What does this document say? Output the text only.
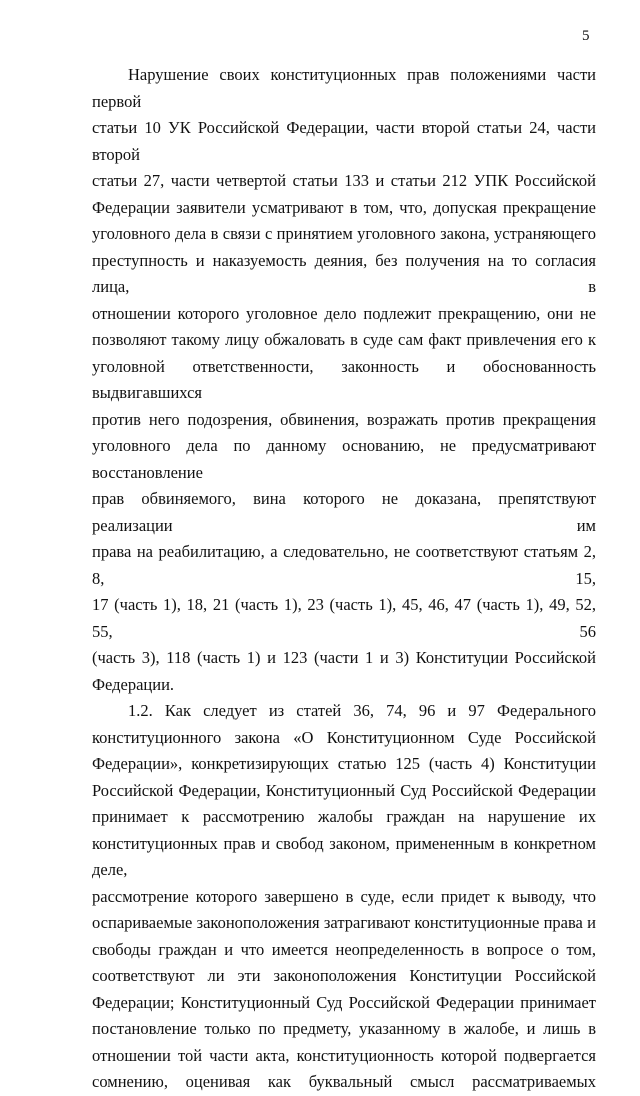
5
Нарушение своих конституционных прав положениями части первой
статьи 10 УК Российской Федерации, части второй статьи 24, части второй
статьи 27, части четвертой статьи 133 и статьи 212 УПК Российской
Федерации заявители усматривают в том, что, допуская прекращение
уголовного дела в связи с принятием уголовного закона, устраняющего
преступность и наказуемость деяния, без получения на то согласия лица, в
отношении которого уголовное дело подлежит прекращению, они не
позволяют такому лицу обжаловать в суде сам факт привлечения его к
уголовной ответственности, законность и обоснованность выдвигавшихся
против него подозрения, обвинения, возражать против прекращения
уголовного дела по данному основанию, не предусматривают восстановление
прав обвиняемого, вина которого не доказана, препятствуют реализации им
права на реабилитацию, а следовательно, не соответствуют статьям 2, 8, 15,
17 (часть 1), 18, 21 (часть 1), 23 (часть 1), 45, 46, 47 (часть 1), 49, 52, 55, 56
(часть 3), 118 (часть 1) и 123 (части 1 и 3) Конституции Российской
Федерации.
1.2. Как следует из статей 36, 74, 96 и 97 Федерального
конституционного закона «О Конституционном Суде Российской
Федерации», конкретизирующих статью 125 (часть 4) Конституции
Российской Федерации, Конституционный Суд Российской Федерации
принимает к рассмотрению жалобы граждан на нарушение их
конституционных прав и свобод законом, примененным в конкретном деле,
рассмотрение которого завершено в суде, если придет к выводу, что
оспариваемые законоположения затрагивают конституционные права и
свободы граждан и что имеется неопределенность в вопросе о том,
соответствуют ли эти законоположения Конституции Российской
Федерации; Конституционный Суд Российской Федерации принимает
постановление только по предмету, указанному в жалобе, и лишь в
отношении той части акта, конституционность которой подвергается
сомнению, оценивая как буквальный смысл рассматриваемых
